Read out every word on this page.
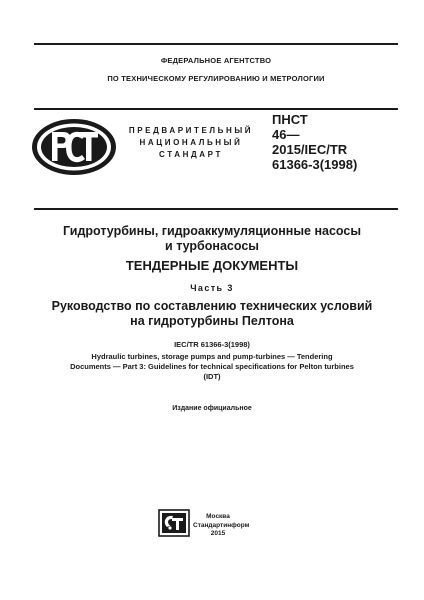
ФЕДЕРАЛЬНОЕ АГЕНТСТВО
ПО ТЕХНИЧЕСКОМУ РЕГУЛИРОВАНИЮ И МЕТРОЛОГИИ
ПРЕДВАРИТЕЛЬНЫЙ
НАЦИОНАЛЬНЫЙ
СТАНДАРТ
ПНСТ
46—
2015/IEC/TR
61366-3(1998)
Гидротурбины, гидроаккумуляционные насосы
и турбонасосы
ТЕНДЕРНЫЕ ДОКУМЕНТЫ
Часть 3
Руководство по составлению технических условий
на гидротурбины Пелтона
IEC/TR 61366-3(1998)
Hydraulic turbines, storage pumps and pump-turbines — Tendering
Documents — Part 3: Guidelines for technical specifications for Pelton turbines
(IDT)
Издание официальное
Москва
Стандартинформ
2015
